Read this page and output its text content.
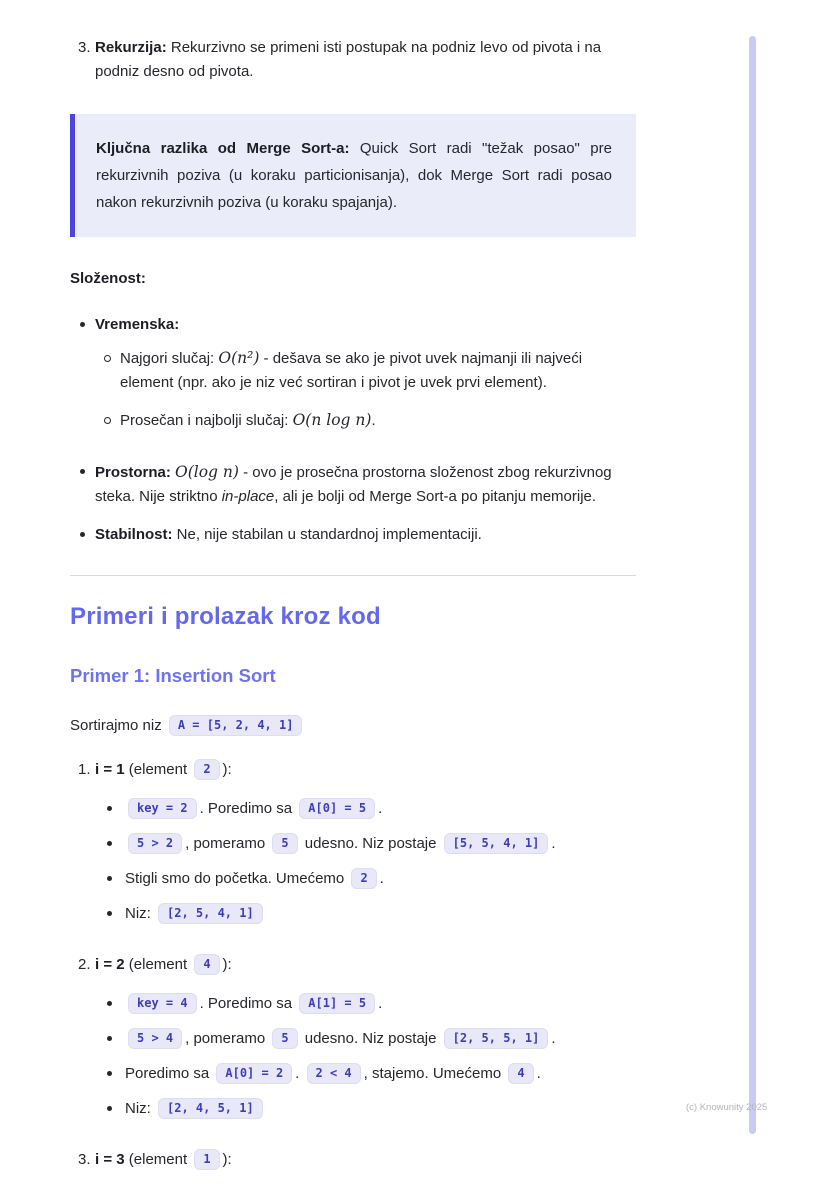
3. Rekurzija: Rekurzivno se primeni isti postupak na podniz levo od pivota i na podniz desno od pivota.
Ključna razlika od Merge Sort-a: Quick Sort radi "težak posao" pre rekurzivnih poziva (u koraku particionisanja), dok Merge Sort radi posao nakon rekurzivnih poziva (u koraku spajanja).

Složenost:

Vremenska:
Najgori slučaj: O(n²) - dešava se ako je pivot uvek najmanji ili najveći element (npr. ako je niz već sortiran i pivot je uvek prvi element).
Prosečan i najbolji slučaj: O(n log n).
Prostorna: O(log n) - ovo je prosečna prostorna složenost zbog rekurzivnog steka. Nije striktno in-place, ali je bolji od Merge Sort-a po pitanju memorije.
Stabilnost: Ne, nije stabilan u standardnoj implementaciji.
Primeri i prolazak kroz kod
Primer 1: Insertion Sort

Sortirajmo niz A = [5, 2, 4, 1]

1. i = 1 (element 2 ):
key = 2 . Poredimo sa A[0] = 5 .
5 > 2 , pomeramo 5 udesno. Niz postaje [5, 5, 4, 1] .
Stigli smo do početka. Umećemo 2 .
Niz: [2, 5, 4, 1]
2. i = 2 (element 4 ):
key = 4 . Poredimo sa A[1] = 5 .
5 > 4 , pomeramo 5 udesno. Niz postaje [2, 5, 5, 1] .
Poredimo sa A[0] = 2 . 2 < 4 , stajemo. Umećemo 4 .
Niz: [2, 4, 5, 1]
3. i = 3 (element 1 ):
(c) Knowunity 2025
